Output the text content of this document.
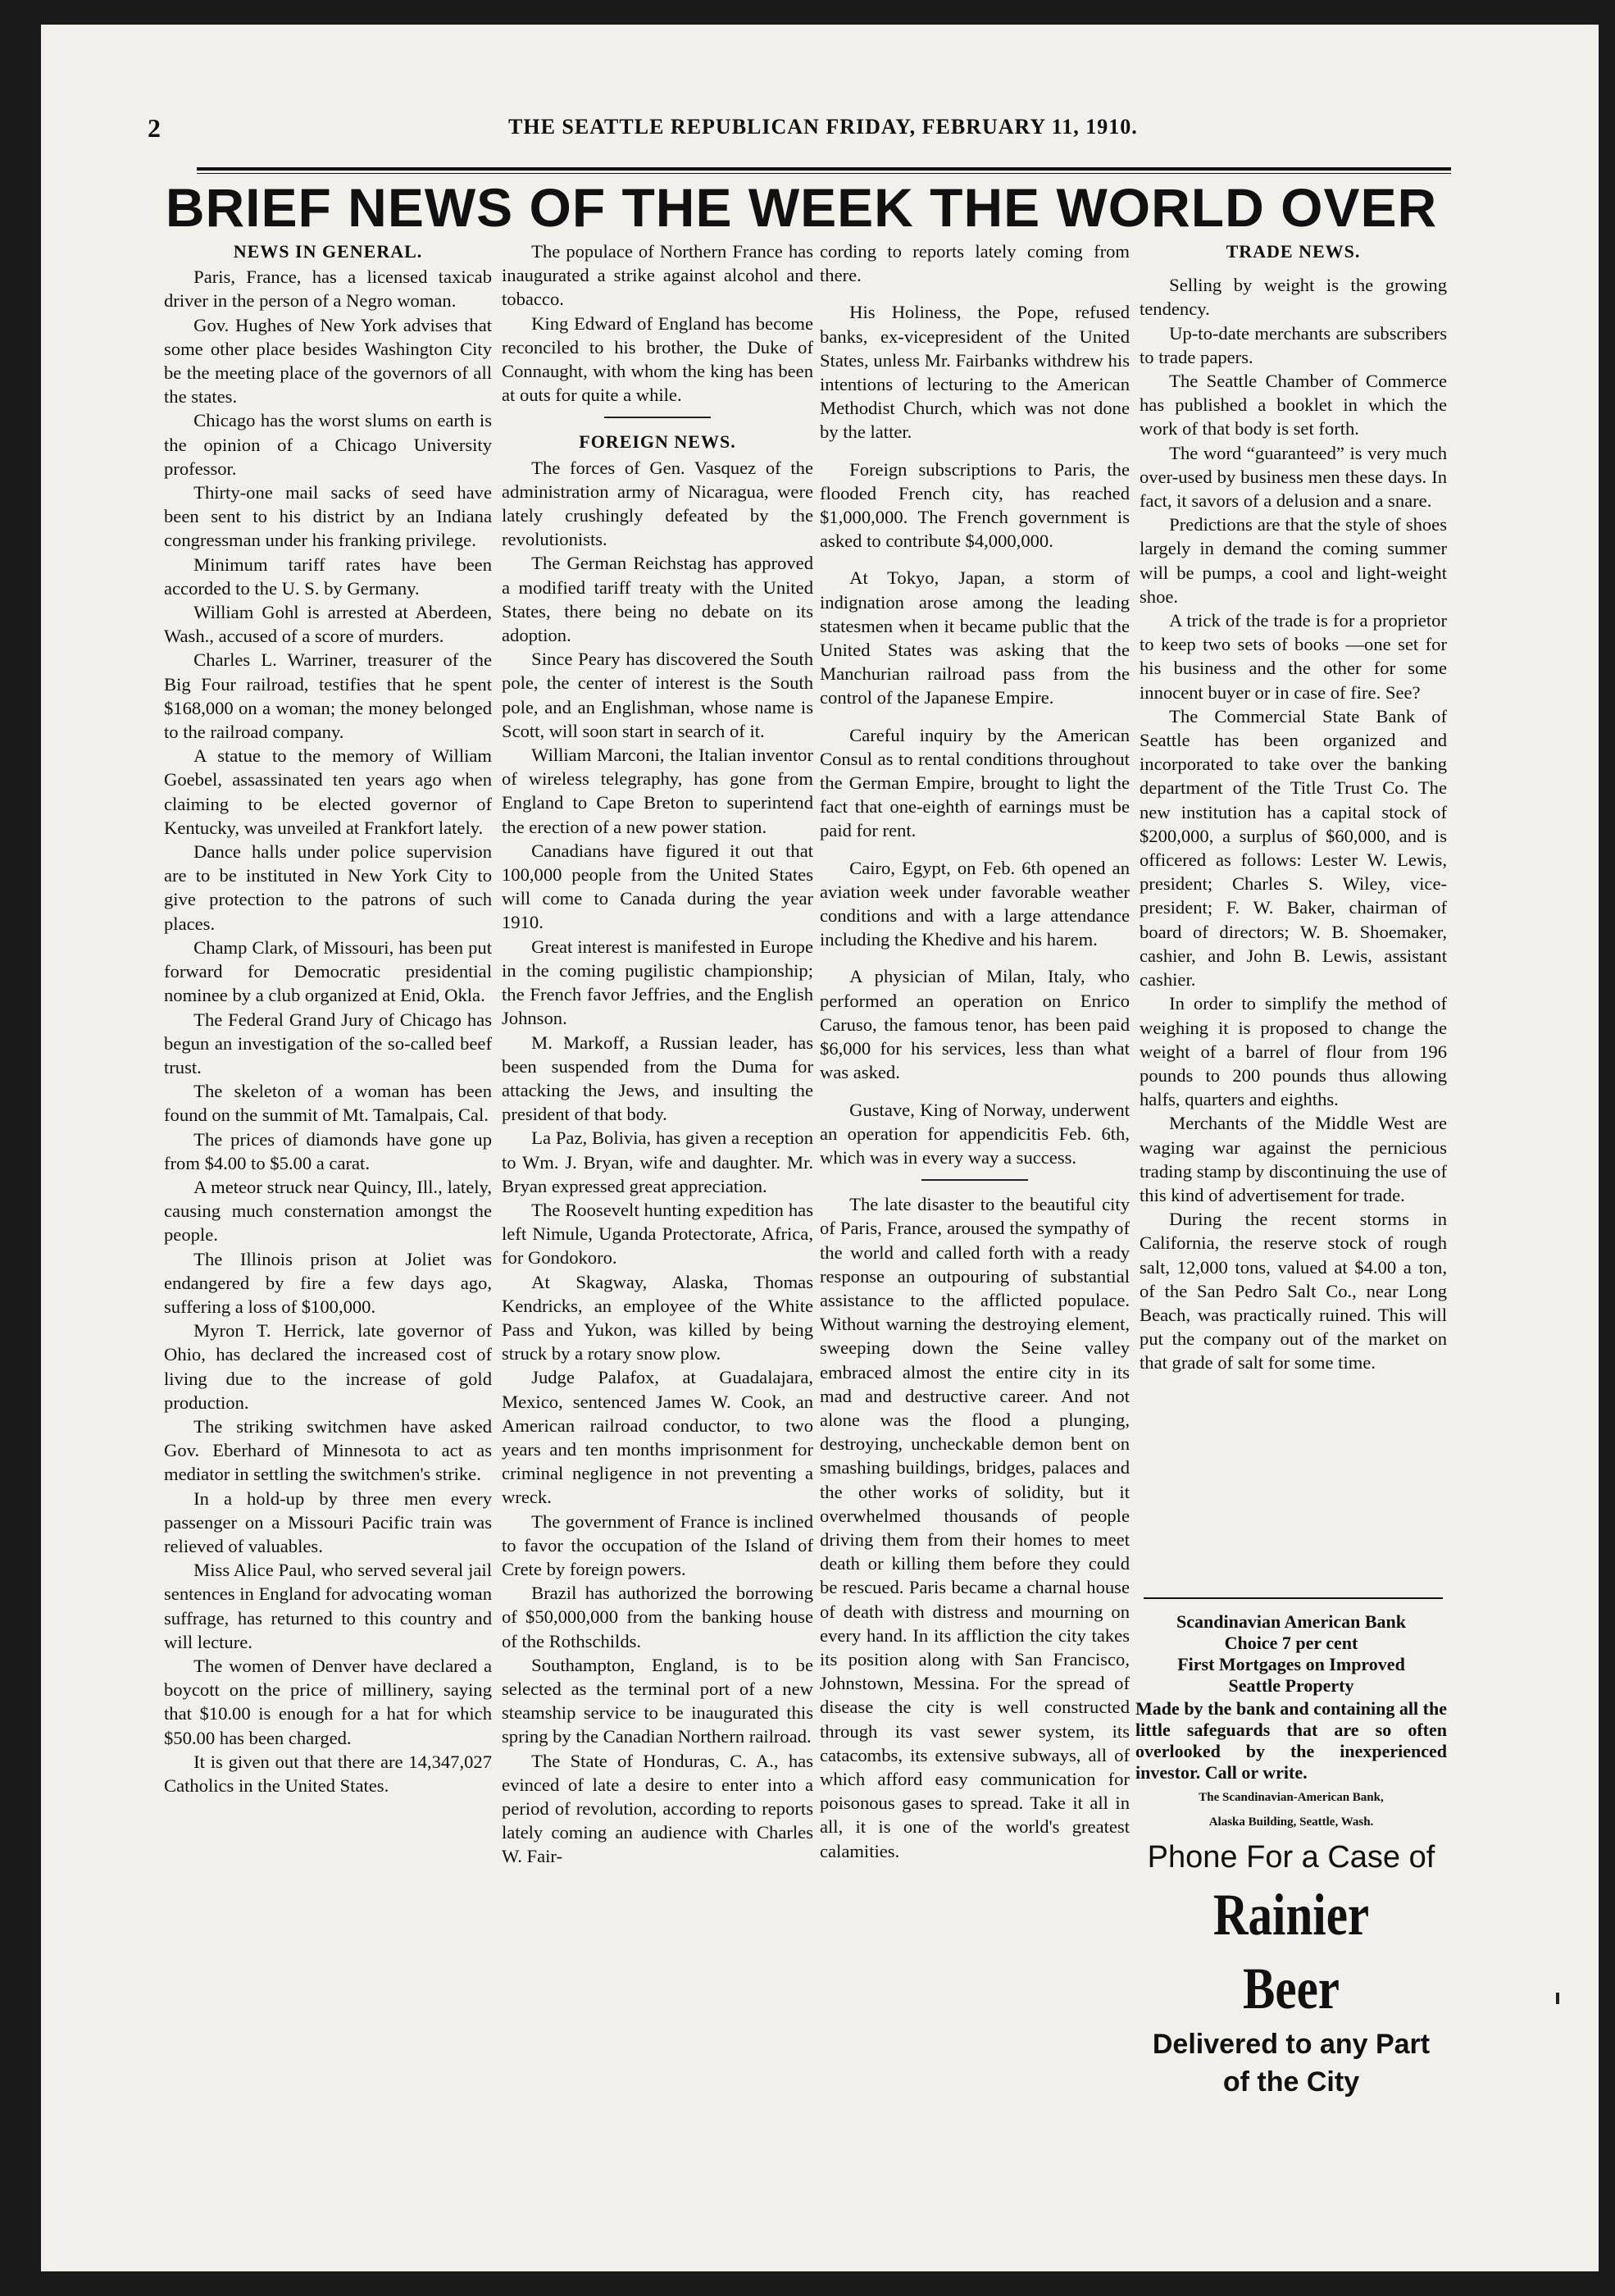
2	THE SEATTLE REPUBLICAN FRIDAY, FEBRUARY 11, 1910.
BRIEF NEWS OF THE WEEK THE WORLD OVER
NEWS IN GENERAL.

Paris, France, has a licensed taxicab driver in the person of a Negro woman.

Gov. Hughes of New York advises that some other place besides Washington City be the meeting place of the governors of all the states.

Chicago has the worst slums on earth is the opinion of a Chicago University professor.

Thirty-one mail sacks of seed have been sent to his district by an Indiana congressman under his franking privilege.

Minimum tariff rates have been accorded to the U. S. by Germany.

William Gohl is arrested at Aberdeen, Wash., accused of a score of murders.

Charles L. Warriner, treasurer of the Big Four railroad, testifies that he spent $168,000 on a woman; the money belonged to the railroad company.

A statue to the memory of William Goebel, assassinated ten years ago when claiming to be elected governor of Kentucky, was unveiled at Frankfort lately.

Dance halls under police supervision are to be instituted in New York City to give protection to the patrons of such places.

Champ Clark, of Missouri, has been put forward for Democratic presidential nominee by a club organized at Enid, Okla.

The Federal Grand Jury of Chicago has begun an investigation of the so-called beef trust.

The skeleton of a woman has been found on the summit of Mt. Tamalpais, Cal.

The prices of diamonds have gone up from $4.00 to $5.00 a carat.

A meteor struck near Quincy, Ill., lately, causing much consternation amongst the people.

The Illinois prison at Joliet was endangered by fire a few days ago, suffering a loss of $100,000.

Myron T. Herrick, late governor of Ohio, has declared the increased cost of living due to the increase of gold production.

The striking switchmen have asked Gov. Eberhard of Minnesota to act as mediator in settling the switchmen's strike.

In a hold-up by three men every passenger on a Missouri Pacific train was relieved of valuables.

Miss Alice Paul, who served several jail sentences in England for advocating woman suffrage, has returned to this country and will lecture.

The women of Denver have declared a boycott on the price of millinery, saying that $10.00 is enough for a hat for which $50.00 has been charged.

It is given out that there are 14,347,027 Catholics in the United States.

The populace of Northern France has inaugurated a strike against alcohol and tobacco.

King Edward of England has become reconciled to his brother, the Duke of Connaught, with whom the king has been at outs for quite a while.

FOREIGN NEWS.

The forces of Gen. Vasquez of the administration army of Nicaragua, were lately crushingly defeated by the revolutionists.

The German Reichstag has approved a modified tariff treaty with the United States, there being no debate on its adoption.

Since Peary has discovered the South pole, the center of interest is the South pole, and an Englishman, whose name is Scott, will soon start in search of it.

William Marconi, the Italian inventor of wireless telegraphy, has gone from England to Cape Breton to superintend the erection of a new power station.

Canadians have figured it out that 100,000 people from the United States will come to Canada during the year 1910.

Great interest is manifested in Europe in the coming pugilistic championship; the French favor Jeffries, and the English Johnson.

M. Markoff, a Russian leader, has been suspended from the Duma for attacking the Jews, and insulting the president of that body.

La Paz, Bolivia, has given a reception to Wm. J. Bryan, wife and daughter. Mr. Bryan expressed great appreciation.

The Roosevelt hunting expedition has left Nimule, Uganda Protectorate, Africa, for Gondokoro.

At Skagway, Alaska, Thomas Kendricks, an employee of the White Pass and Yukon, was killed by being struck by a rotary snow plow.

Judge Palafox, at Guadalajara, Mexico, sentenced James W. Cook, an American railroad conductor, to two years and ten months imprisonment for criminal negligence in not preventing a wreck.

The government of France is inclined to favor the occupation of the Island of Crete by foreign powers.

Brazil has authorized the borrowing of $50,000,000 from the banking house of the Rothschilds.

Southampton, England, is to be selected as the terminal port of a new steamship service to be inaugurated this spring by the Canadian Northern railroad.

The State of Honduras, C. A., has evinced of late a desire to enter into a period of revolution, according to reports lately coming an audience with Charles W. Fair-

cording to reports lately coming from there.

His Holiness, the Pope, refused banks, ex-vicepresident of the United States, unless Mr. Fairbanks withdrew his intentions of lecturing to the American Methodist Church, which was not done by the latter.

Foreign subscriptions to Paris, the flooded French city, has reached $1,000,000. The French government is asked to contribute $4,000,000.

At Tokyo, Japan, a storm of indignation arose among the leading statesmen when it became public that the United States was asking that the Manchurian railroad pass from the control of the Japanese Empire.

Careful inquiry by the American Consul as to rental conditions throughout the German Empire, brought to light the fact that one-eighth of earnings must be paid for rent.

Cairo, Egypt, on Feb. 6th opened an aviation week under favorable weather conditions and with a large attendance including the Khedive and his harem.

A physician of Milan, Italy, who performed an operation on Enrico Caruso, the famous tenor, has been paid $6,000 for his services, less than what was asked.

Gustave, King of Norway, underwent an operation for appendicitis Feb. 6th, which was in every way a success.

The late disaster to the beautiful city of Paris, France, aroused the sympathy of the world and called forth with a ready response an outpouring of substantial assistance to the afflicted populace. Without warning the destroying element, sweeping down the Seine valley embraced almost the entire city in its mad and destructive career. And not alone was the flood a plunging, destroying, uncheckable demon bent on smashing buildings, bridges, palaces and the other works of solidity, but it overwhelmed thousands of people driving them from their homes to meet death or killing them before they could be rescued. Paris became a charnal house of death with distress and mourning on every hand. In its affliction the city takes its position along with San Francisco, Johnstown, Messina. For the spread of disease the city is well constructed through its vast sewer system, its catacombs, its extensive subways, all of which afford easy communication for poisonous gases to spread. Take it all in all, it is one of the world's greatest calamities.

TRADE NEWS.

Selling by weight is the growing tendency.

Up-to-date merchants are subscribers to trade papers.

The Seattle Chamber of Commerce has published a booklet in which the work of that body is set forth.

The word “guaranteed” is very much over-used by business men these days. In fact, it savors of a delusion and a snare.

Predictions are that the style of shoes largely in demand the coming summer will be pumps, a cool and light-weight shoe.

A trick of the trade is for a proprietor to keep two sets of books —one set for his business and the other for some innocent buyer or in case of fire. See?

The Commercial State Bank of Seattle has been organized and incorporated to take over the banking department of the Title Trust Co. The new institution has a capital stock of $200,000, a surplus of $60,000, and is officered as follows: Lester W. Lewis, president; Charles S. Wiley, vice-president; F. W. Baker, chairman of board of directors; W. B. Shoemaker, cashier, and John B. Lewis, assistant cashier.

In order to simplify the method of weighing it is proposed to change the weight of a barrel of flour from 196 pounds to 200 pounds thus allowing halfs, quarters and eighths.

Merchants of the Middle West are waging war against the pernicious trading stamp by discontinuing the use of this kind of advertisement for trade.

During the recent storms in California, the reserve stock of rough salt, 12,000 tons, valued at $4.00 a ton, of the San Pedro Salt Co., near Long Beach, was practically ruined. This will put the company out of the market on that grade of salt for some time.

Scandinavian American Bank
Choice 7 per cent
First Mortgages on Improved
Seattle Property
Made by the bank and containing all the little safeguards that are so often overlooked by the inexperienced investor. Call or write.
The Scandinavian-American Bank,
Alaska Building, Seattle, Wash.
Phone For a Case of
Rainier Beer
Delivered to any Part
of the City
